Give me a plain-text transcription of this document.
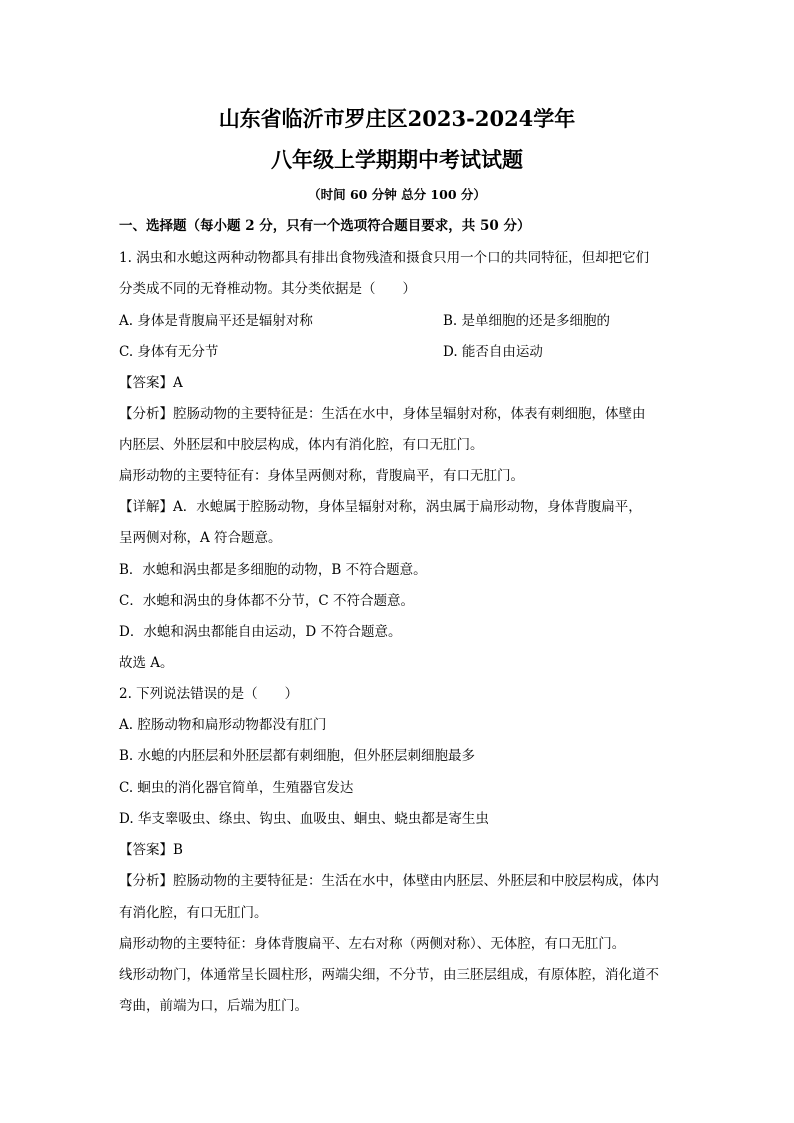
山东省临沂市罗庄区2023-2024学年
八年级上学期期中考试试题
（时间 60 分钟 总分 100 分）
一、选择题（每小题 2 分，只有一个选项符合题目要求，共 50 分）
1. 涡虫和水螅这两种动物都具有排出食物残渣和摄食只用一个口的共同特征，但却把它们
分类成不同的无脊椎动物。其分类依据是（　　）
A. 身体是背腹扁平还是辐射对称	B. 是单细胞的还是多细胞的
C. 身体有无分节	D. 能否自由运动
【答案】A
【分析】腔肠动物的主要特征是：生活在水中，身体呈辐射对称，体表有刺细胞，体壁由
内胚层、外胚层和中胶层构成，体内有消化腔，有口无肛门。
扁形动物的主要特征有：身体呈两侧对称，背腹扁平，有口无肛门。
【详解】A．水螅属于腔肠动物，身体呈辐射对称，涡虫属于扁形动物，身体背腹扁平，
呈两侧对称，A 符合题意。
B．水螅和涡虫都是多细胞的动物，B 不符合题意。
C．水螅和涡虫的身体都不分节，C 不符合题意。
D．水螅和涡虫都能自由运动，D 不符合题意。
故选 A。
2. 下列说法错误的是（　　）
A. 腔肠动物和扁形动物都没有肛门
B. 水螅的内胚层和外胚层都有刺细胞，但外胚层刺细胞最多
C. 蛔虫的消化器官简单，生殖器官发达
D. 华支睾吸虫、绦虫、钩虫、血吸虫、蛔虫、蛲虫都是寄生虫
【答案】B
【分析】腔肠动物的主要特征是：生活在水中，体壁由内胚层、外胚层和中胶层构成，体内
有消化腔，有口无肛门。
扁形动物的主要特征：身体背腹扁平、左右对称（两侧对称）、无体腔，有口无肛门。
线形动物门，体通常呈长圆柱形，两端尖细，不分节，由三胚层组成，有原体腔，消化道不
弯曲，前端为口，后端为肛门。
